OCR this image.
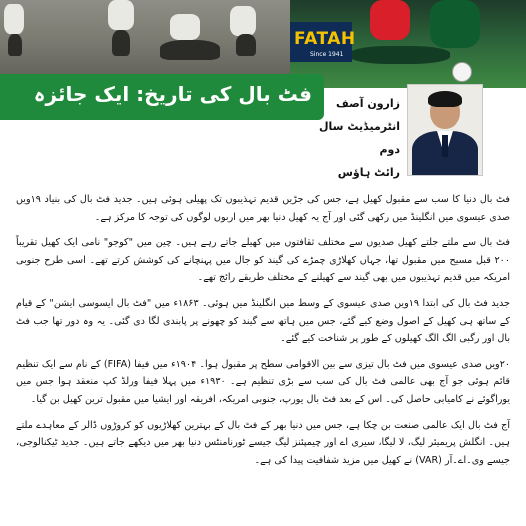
FATAH
Since 1941
فٹ بال کی تاریخ: ایک جائزہ	زارون آصف
انٹرمیڈیٹ سال دوم
رائٹ ہاؤس

فٹ بال دنیا کا سب سے مقبول کھیل ہے، جس کی جڑیں قدیم تہذیبوں تک پھیلی ہوئی ہیں۔ جدید فٹ بال کی بنیاد ۱۹ویں صدی عیسوی میں انگلینڈ میں رکھی گئی اور آج یہ کھیل دنیا بھر میں اربوں لوگوں کی توجہ کا مرکز ہے۔

فٹ بال سے ملتے جلتے کھیل صدیوں سے مختلف ثقافتوں میں کھیلے جاتے رہے ہیں۔ چین میں "کوجو" نامی ایک کھیل تقریباً ۲۰۰ قبل مسیح میں مقبول تھا، جہاں کھلاڑی چمڑے کی گیند کو جال میں پہنچانے کی کوشش کرتے تھے۔ اسی طرح جنوبی امریکہ میں قدیم تہذیبوں میں بھی گیند سے کھیلنے کے مختلف طریقے رائج تھے۔

جدید فٹ بال کی ابتدا ۱۹ویں صدی عیسوی کے وسط میں انگلینڈ میں ہوئی۔ ۱۸۶۳ء میں "فٹ بال ایسوسی ایشن" کے قیام کے ساتھ ہی کھیل کے اصول وضع کیے گئے، جس میں ہاتھ سے گیند کو چھونے پر پابندی لگا دی گئی۔ یہ وہ دور تھا جب فٹ بال اور رگبی الگ الگ کھیلوں کے طور پر شناخت کیے گئے۔

۲۰ویں صدی عیسوی میں فٹ بال تیزی سے بین الاقوامی سطح پر مقبول ہوا۔ ۱۹۰۴ء میں فیفا (FIFA) کے نام سے ایک تنظیم قائم ہوئی جو آج بھی عالمی فٹ بال کی سب سے بڑی تنظیم ہے۔ ۱۹۳۰ء میں پہلا فیفا ورلڈ کپ منعقد ہوا جس میں یوراگوئے نے کامیابی حاصل کی۔ اس کے بعد فٹ بال یورپ، جنوبی امریکہ، افریقہ اور ایشیا میں مقبول ترین کھیل بن گیا۔

آج فٹ بال ایک عالمی صنعت بن چکا ہے، جس میں دنیا بھر کے فٹ بال کے بہترین کھلاڑیوں کو کروڑوں ڈالر کے معاہدے ملتے ہیں۔ انگلش پریمیئر لیگ، لا لیگا، سیری اے اور چیمپئنز لیگ جیسے ٹورنامنٹس دنیا بھر میں دیکھے جاتے ہیں۔ جدید ٹیکنالوجی، جیسے وی۔اے۔آر (VAR) نے کھیل میں مزید شفافیت پیدا کی ہے۔
